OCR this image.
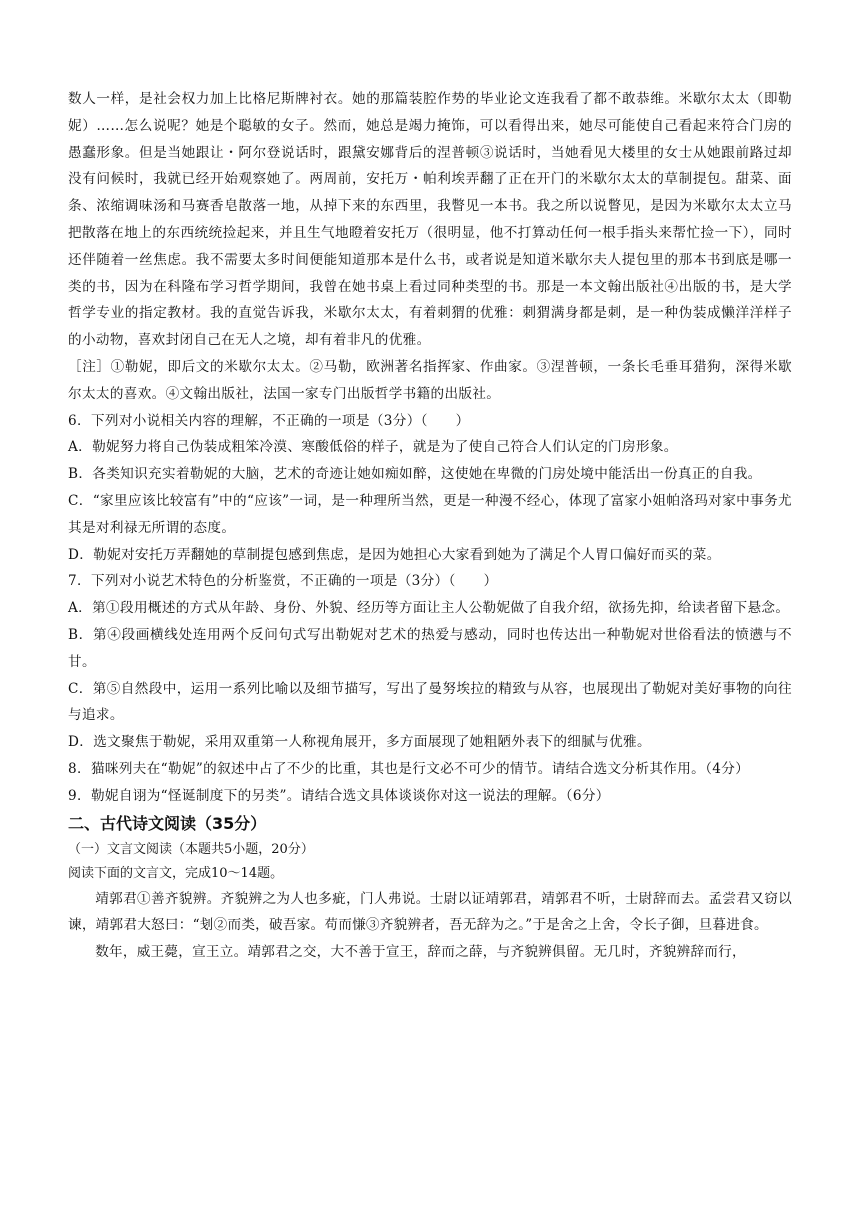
数人一样，是社会权力加上比格尼斯牌衬衣。她的那篇装腔作势的毕业论文连我看了都不敢恭维。米歇尔太太（即勒妮）……怎么说呢？她是个聪敏的女子。然而，她总是竭力掩饰，可以看得出来，她尽可能使自己看起来符合门房的愚蠢形象。但是当她跟让・阿尔登说话时，跟黛安娜背后的涅普顿③说话时，当她看见大楼里的女士从她跟前路过却没有问候时，我就已经开始观察她了。两周前，安托万・帕利埃弄翻了正在开门的米歇尔太太的草制提包。甜菜、面条、浓缩调味汤和马赛香皂散落一地，从掉下来的东西里，我瞥见一本书。我之所以说瞥见，是因为米歇尔太太立马把散落在地上的东西统统捡起来，并且生气地瞪着安托万（很明显，他不打算动任何一根手指头来帮忙捡一下），同时还伴随着一丝焦虑。我不需要太多时间便能知道那本是什么书，或者说是知道米歇尔夫人提包里的那本书到底是哪一类的书，因为在科隆布学习哲学期间，我曾在她书桌上看过同种类型的书。那是一本文翰出版社④出版的书，是大学哲学专业的指定教材。我的直觉告诉我，米歇尔太太，有着刺猬的优雅：刺猬满身都是刺，是一种伪装成懒洋洋样子的小动物，喜欢封闭自己在无人之境，却有着非凡的优雅。

［注］①勒妮，即后文的米歇尔太太。②马勒，欧洲著名指挥家、作曲家。③涅普顿，一条长毛垂耳猎狗，深得米歇尔太太的喜欢。④文翰出版社，法国一家专门出版哲学书籍的出版社。

6．下列对小说相关内容的理解，不正确的一项是（3分）（　　）

A．勒妮努力将自己伪装成粗笨冷漠、寒酸低俗的样子，就是为了使自己符合人们认定的门房形象。

B．各类知识充实着勒妮的大脑，艺术的奇迹让她如痴如醉，这使她在卑微的门房处境中能活出一份真正的自我。

C．“家里应该比较富有”中的“应该”一词，是一种理所当然，更是一种漫不经心，体现了富家小姐帕洛玛对家中事务尤其是对利禄无所谓的态度。

D．勒妮对安托万弄翻她的草制提包感到焦虑，是因为她担心大家看到她为了满足个人胃口偏好而买的菜。

7．下列对小说艺术特色的分析鉴赏，不正确的一项是（3分）（　　）

A．第①段用概述的方式从年龄、身份、外貌、经历等方面让主人公勒妮做了自我介绍，欲扬先抑，给读者留下悬念。

B．第④段画横线处连用两个反问句式写出勒妮对艺术的热爱与感动，同时也传达出一种勒妮对世俗看法的愤懑与不甘。

C．第⑤自然段中，运用一系列比喻以及细节描写，写出了曼努埃拉的精致与从容，也展现出了勒妮对美好事物的向往与追求。

D．选文聚焦于勒妮，采用双重第一人称视角展开，多方面展现了她粗陋外表下的细腻与优雅。

8．猫咪列夫在“勒妮”的叙述中占了不少的比重，其也是行文必不可少的情节。请结合选文分析其作用。（4分）

9．勒妮自诩为“怪诞制度下的另类”。请结合选文具体谈谈你对这一说法的理解。（6分）

二、古代诗文阅读（35分）

（一）文言文阅读（本题共5小题，20分）

阅读下面的文言文，完成10～14题。

靖郭君①善齐貌辨。齐貌辨之为人也多疵，门人弗说。士尉以证靖郭君，靖郭君不听，士尉辞而去。孟尝君又窃以谏，靖郭君大怒曰：“刬②而类，破吾家。苟而慊③齐貌辨者，吾无辞为之。”于是舍之上舍，令长子御，旦暮进食。

数年，威王薨，宣王立。靖郭君之交，大不善于宣王，辞而之薛，与齐貌辨俱留。无几时，齐貌辨辞而行，
